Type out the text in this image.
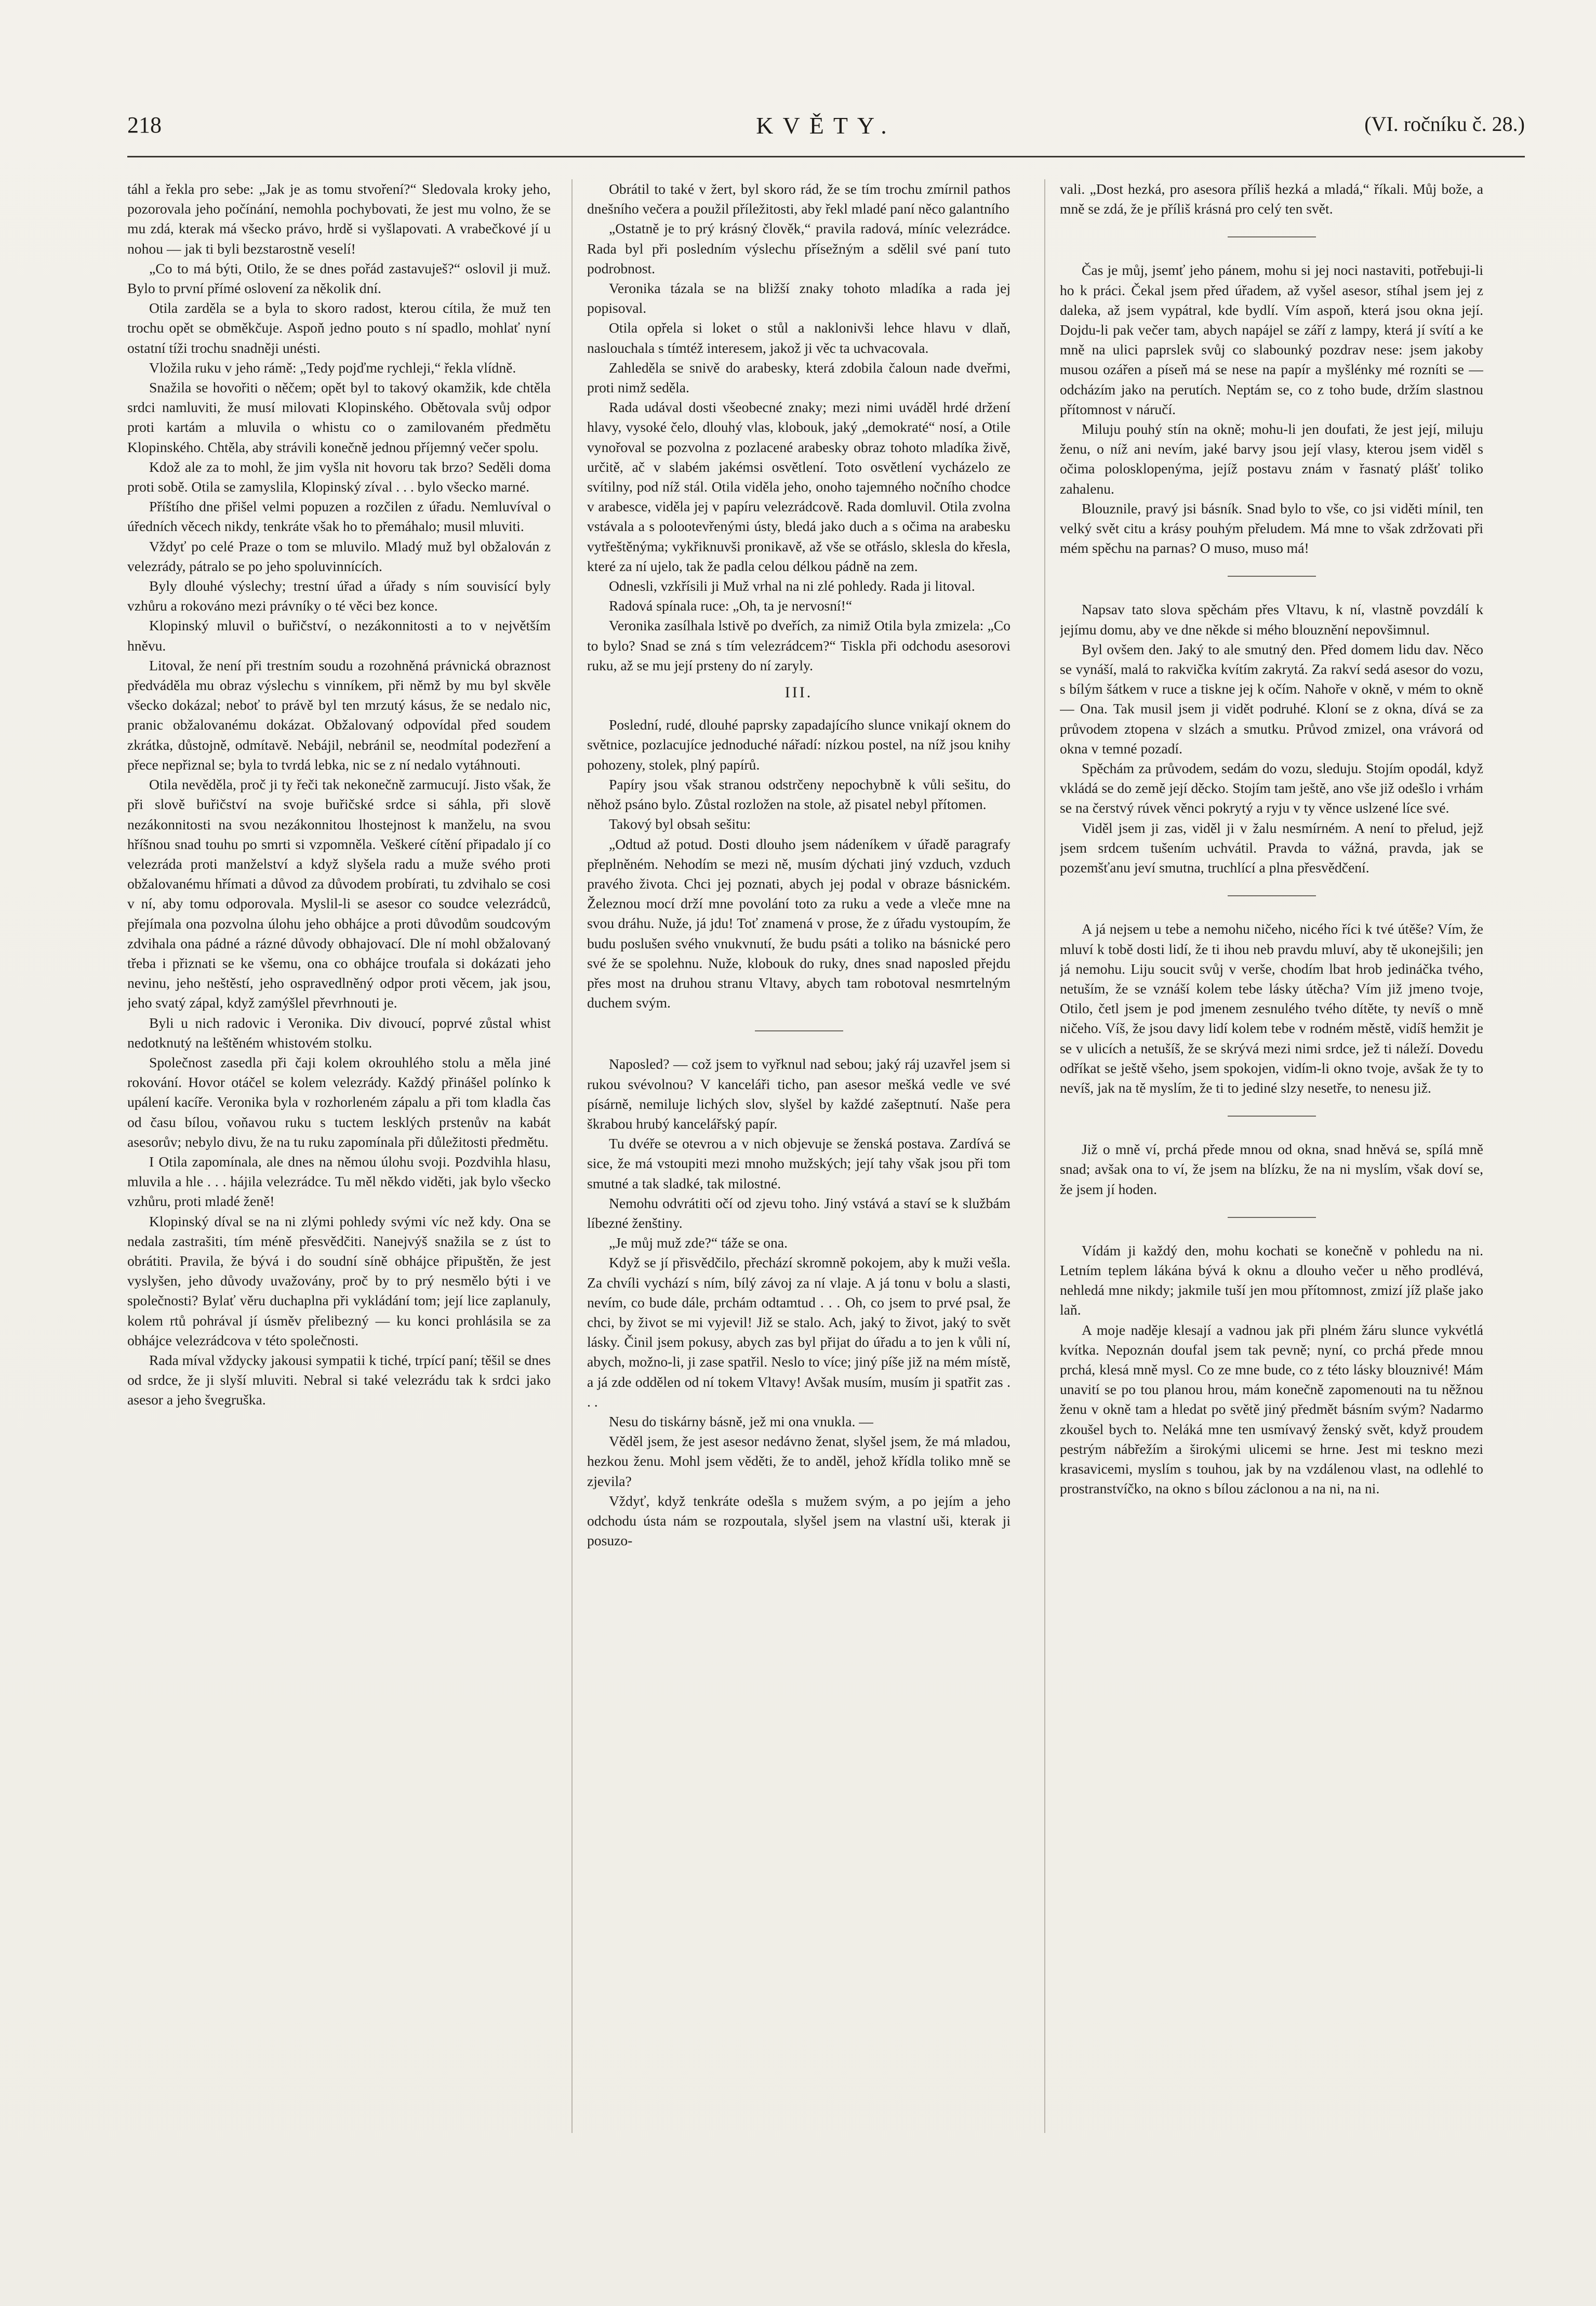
218	KVĚTY.	(VI. ročníku č. 28.)

táhl a řekla pro sebe: „Jak je as tomu stvoření?“ Sledovala kroky jeho, pozorovala jeho počínání, nemohla pochybovati, že jest mu volno, že se mu zdá, kterak má všecko právo, hrdě si vyšlapovati. A vrabečkové jí u nohou — jak ti byli bezstarostně veselí!

„Co to má býti, Otilo, že se dnes pořád zastavuješ?“ oslovil ji muž. Bylo to první přímé oslovení za několik dní.

Otila zarděla se a byla to skoro radost, kterou cítila, že muž ten trochu opět se obměkčuje. Aspoň jedno pouto s ní spadlo, mohlať nyní ostatní tíži trochu snadněji unésti.

Vložila ruku v jeho rámě: „Tedy pojďme rychleji,“ řekla vlídně.

Snažila se hovořiti o něčem; opět byl to takový okamžik, kde chtěla srdci namluviti, že musí milovati Klopinského. Obětovala svůj odpor proti kartám a mluvila o whistu co o zamilovaném předmětu Klopinského. Chtěla, aby strávili konečně jednou příjemný večer spolu.

Kdož ale za to mohl, že jim vyšla nit hovoru tak brzo? Seděli doma proti sobě. Otila se zamyslila, Klopinský zíval . . . bylo všecko marné.

Příštího dne přišel velmi popuzen a rozčilen z úřadu. Nemluvíval o úředních věcech nikdy, tenkráte však ho to přemáhalo; musil mluviti.

Vždyť po celé Praze o tom se mluvilo. Mladý muž byl obžalován z velezrády, pátralo se po jeho spoluvinnících.

Byly dlouhé výslechy; trestní úřad a úřady s ním souvisící byly vzhůru a rokováno mezi právníky o té věci bez konce.

Klopinský mluvil o buřičství, o nezákonnitosti a to v největším hněvu.

Litoval, že není při trestním soudu a rozohněná právnická obraznost předváděla mu obraz výslechu s vinníkem, při němž by mu byl skvěle všecko dokázal; neboť to právě byl ten mrzutý kásus, že se nedalo nic, pranic obžalovanému dokázat. Obžalovaný odpovídal před soudem zkrátka, důstojně, odmítavě. Nebájil, nebránil se, neodmítal podezření a přece nepřiznal se; byla to tvrdá lebka, nic se z ní nedalo vytáhnouti.

Otila nevěděla, proč ji ty řeči tak nekonečně zarmucují. Jisto však, že při slově buřičství na svoje buřičské srdce si sáhla, při slově nezákonnitosti na svou nezákonnitou lhostejnost k manželu, na svou hříšnou snad touhu po smrti si vzpomněla. Veškeré cítění připadalo jí co velezráda proti manželství a když slyšela radu a muže svého proti obžalovanému hřímati a důvod za důvodem probírati, tu zdvihalo se cosi v ní, aby tomu odporovala. Myslil-li se asesor co soudce velezrádců, přejímala ona pozvolna úlohu jeho obhájce a proti důvodům soudcovým zdvihala ona pádné a rázné důvody obhajovací. Dle ní mohl obžalovaný třeba i přiznati se ke všemu, ona co obhájce troufala si dokázati jeho nevinu, jeho neštěstí, jeho ospravedlněný odpor proti věcem, jak jsou, jeho svatý zápal, když zamýšlel převrhnouti je.

Byli u nich radovic i Veronika. Div divoucí, poprvé zůstal whist nedotknutý na leštěném whistovém stolku.

Společnost zasedla při čaji kolem okrouhlého stolu a měla jiné rokování. Hovor otáčel se kolem velezrády. Každý přinášel polínko k upálení kacíře. Veronika byla v rozhorleném zápalu a při tom kladla čas od času bílou, voňavou ruku s tuctem lesklých prstenův na kabát asesorův; nebylo divu, že na tu ruku zapomínala při důležitosti předmětu.

I Otila zapomínala, ale dnes na němou úlohu svoji. Pozdvihla hlasu, mluvila a hle . . . hájila velezrádce. Tu měl někdo viděti, jak bylo všecko vzhůru, proti mladé ženě!

Klopinský díval se na ni zlými pohledy svými víc než kdy. Ona se nedala zastrašiti, tím méně přesvědčiti. Nanejvýš snažila se z úst to obrátiti. Pravila, že bývá i do soudní síně obhájce připuštěn, že jest vyslyšen, jeho důvody uvažovány, proč by to prý nesmělo býti i ve společnosti? Bylať věru duchaplna při vykládání tom; její lice zaplanuly, kolem rtů pohrával jí úsměv přelibezný — ku konci prohlásila se za obhájce velezrádcova v této společnosti.

Rada míval vždycky jakousi sympatii k tiché, trpící paní; těšil se dnes od srdce, že ji slyší mluviti. Nebral si také velezrádu tak k srdci jako asesor a jeho švegruška.

Obrátil to také v žert, byl skoro rád, že se tím trochu zmírnil pathos dnešního večera a použil příležitosti, aby řekl mladé paní něco galantního

„Ostatně je to prý krásný člověk,“ pravila radová, míníc velezrádce. Rada byl při posledním výslechu přísežným a sdělil své paní tuto podrobnost.

Veronika tázala se na bližší znaky tohoto mladíka a rada jej popisoval.

Otila opřela si loket o stůl a naklonivši lehce hlavu v dlaň, naslouchala s tímtéž interesem, jakož ji věc ta uchvacovala.

Zahleděla se snivě do arabesky, která zdobila čaloun nade dveřmi, proti nimž seděla.

Rada udával dosti všeobecné znaky; mezi nimi uváděl hrdé držení hlavy, vysoké čelo, dlouhý vlas, klobouk, jaký „demokraté“ nosí, a Otile vynořoval se pozvolna z pozlacené arabesky obraz tohoto mladíka živě, určitě, ač v slabém jakémsi osvětlení. Toto osvětlení vycházelo ze svítilny, pod níž stál. Otila viděla jeho, onoho tajemného nočního chodce v arabesce, viděla jej v papíru velezrádcově. Rada domluvil. Otila zvolna vstávala a s polootevřenými ústy, bledá jako duch a s očima na arabesku vytřeštěnýma; vykřiknuvši pronikavě, až vše se otřáslo, sklesla do křesla, které za ní ujelo, tak že padla celou délkou pádně na zem.

Odnesli, vzkřísili ji Muž vrhal na ni zlé pohledy. Rada ji litoval.

Radová spínala ruce: „Oh, ta je nervosní!“

Veronika zasílhala lstivě po dveřích, za nimiž Otila byla zmizela: „Co to bylo? Snad se zná s tím velezrádcem?“ Tiskla při odchodu asesorovi ruku, až se mu její prsteny do ní zaryly.

III.

Poslední, rudé, dlouhé paprsky zapadajícího slunce vnikají oknem do světnice, pozlacujíce jednoduché nářadí: nízkou postel, na níž jsou knihy pohozeny, stolek, plný papírů.

Papíry jsou však stranou odstrčeny nepochybně k vůli sešitu, do něhož psáno bylo. Zůstal rozložen na stole, až pisatel nebyl přítomen.

Takový byl obsah sešitu:

„Odtud až potud. Dosti dlouho jsem nádeníkem v úřadě paragrafy přeplněném. Nehodím se mezi ně, musím dýchati jiný vzduch, vzduch pravého života. Chci jej poznati, abych jej podal v obraze básnickém. Železnou mocí drží mne povolání toto za ruku a vede a vleče mne na svou dráhu. Nuže, já jdu! Toť znamená v prose, že z úřadu vystoupím, že budu poslušen svého vnukvnutí, že budu psáti a toliko na básnické pero své že se spolehnu. Nuže, klobouk do ruky, dnes snad naposled přejdu přes most na druhou stranu Vltavy, abych tam robotoval nesmrtelným duchem svým.

Naposled? — což jsem to vyřknul nad sebou; jaký ráj uzavřel jsem si rukou svévolnou? V kanceláři ticho, pan asesor mešká vedle ve své písárně, nemiluje lichých slov, slyšel by každé zašeptnutí. Naše pera škrabou hrubý kancelářský papír.

Tu dvéře se otevrou a v nich objevuje se ženská postava. Zardívá se sice, že má vstoupiti mezi mnoho mužských; její tahy však jsou při tom smutné a tak sladké, tak milostné.

Nemohu odvrátiti očí od zjevu toho. Jiný vstává a staví se k službám líbezné ženštiny.

„Je můj muž zde?“ táže se ona.

Když se jí přisvědčilo, přechází skromně pokojem, aby k muži vešla. Za chvíli vychází s ním, bílý závoj za ní vlaje. A já tonu v bolu a slasti, nevím, co bude dále, prchám odtamtud . . . Oh, co jsem to prvé psal, že chci, by život se mi vyjevil! Již se stalo. Ach, jaký to život, jaký to svět lásky. Činil jsem pokusy, abych zas byl přijat do úřadu a to jen k vůli ní, abych, možno-li, ji zase spatřil. Neslo to více; jiný píše již na mém místě, a já zde oddělen od ní tokem Vltavy! Avšak musím, musím ji spatřit zas . . .

Nesu do tiskárny básně, jež mi ona vnukla. —

Věděl jsem, že jest asesor nedávno ženat, slyšel jsem, že má mladou, hezkou ženu. Mohl jsem věděti, že to anděl, jehož křídla toliko mně se zjevila?

Vždyť, když tenkráte odešla s mužem svým, a po jejím a jeho odchodu ústa nám se rozpoutala, slyšel jsem na vlastní uši, kterak ji posuzo-

vali. „Dost hezká, pro asesora příliš hezká a mladá,“ říkali. Můj bože, a mně se zdá, že je příliš krásná pro celý ten svět.

Čas je můj, jsemť jeho pánem, mohu si jej noci nastaviti, potřebuji-li ho k práci. Čekal jsem před úřadem, až vyšel asesor, stíhal jsem jej z daleka, až jsem vypátral, kde bydlí. Vím aspoň, která jsou okna její. Dojdu-li pak večer tam, abych napájel se září z lampy, která jí svítí a ke mně na ulici paprslek svůj co slabounký pozdrav nese: jsem jakoby musou ozářen a píseň má se nese na papír a myšlénky mé rozníti se — odcházím jako na perutích. Neptám se, co z toho bude, držím slastnou přítomnost v náručí.

Miluju pouhý stín na okně; mohu-li jen doufati, že jest její, miluju ženu, o níž ani nevím, jaké barvy jsou její vlasy, kterou jsem viděl s očima polosklopenýma, jejíž postavu znám v řasnatý plášť toliko zahalenu.

Blouznile, pravý jsi básník. Snad bylo to vše, co jsi viděti mínil, ten velký svět citu a krásy pouhým přeludem. Má mne to však zdržovati při mém spěchu na parnas? O muso, muso má!

Napsav tato slova spěchám přes Vltavu, k ní, vlastně povzdálí k jejímu domu, aby ve dne někde si mého blouznění nepovšimnul.

Byl ovšem den. Jaký to ale smutný den. Před domem lidu dav. Něco se vynáší, malá to rakvička kvítím zakrytá. Za rakví sedá asesor do vozu, s bílým šátkem v ruce a tiskne jej k očím. Nahoře v okně, v mém to okně — Ona. Tak musil jsem ji vidět podruhé. Kloní se z okna, dívá se za průvodem ztopena v slzách a smutku. Průvod zmizel, ona vrávorá od okna v temné pozadí.

Spěchám za průvodem, sedám do vozu, sleduju. Stojím opodál, když vkládá se do země její děcko. Stojím tam ještě, ano vše již odešlo i vrhám se na čerstvý rúvek věnci pokrytý a ryju v ty věnce uslzené líce své.

Viděl jsem ji zas, viděl ji v žalu nesmírném. A není to přelud, jejž jsem srdcem tušením uchvátil. Pravda to vážná, pravda, jak se pozemšťanu jeví smutna, truchlící a plna přesvědčení.

A já nejsem u tebe a nemohu ničeho, nicého říci k tvé útěše? Vím, že mluví k tobě dosti lidí, že ti ihou neb pravdu mluví, aby tě ukonejšili; jen já nemohu. Liju soucit svůj v verše, chodím lbat hrob jedináčka tvého, netuším, že se vznáší kolem tebe lásky útěcha? Vím již jmeno tvoje, Otilo, četl jsem je pod jmenem zesnulého tvého dítěte, ty nevíš o mně ničeho. Víš, že jsou davy lidí kolem tebe v rodném městě, vidíš hemžit je se v ulicích a netušíš, že se skrývá mezi nimi srdce, jež ti náleží. Dovedu odříkat se ještě všeho, jsem spokojen, vidím-li okno tvoje, avšak že ty to nevíš, jak na tě myslím, že ti to jediné slzy nesetře, to nenesu již.

Již o mně ví, prchá přede mnou od okna, snad hněvá se, spílá mně snad; avšak ona to ví, že jsem na blízku, že na ni myslím, však doví se, že jsem jí hoden.

Vídám ji každý den, mohu kochati se konečně v pohledu na ni. Letním teplem lákána bývá k oknu a dlouho večer u něho prodlévá, nehledá mne nikdy; jakmile tuší jen mou přítomnost, zmizí jíž plaše jako laň.

A moje naděje klesají a vadnou jak při plném žáru slunce vykvétlá kvítka. Nepoznán doufal jsem tak pevně; nyní, co prchá přede mnou prchá, klesá mně mysl. Co ze mne bude, co z této lásky blouznivé! Mám unavití se po tou planou hrou, mám konečně zapomenouti na tu něžnou ženu v okně tam a hledat po světě jiný předmět básním svým? Nadarmo zkoušel bych to. Neláká mne ten usmívavý ženský svět, když proudem pestrým nábřežím a širokými ulicemi se hrne. Jest mi teskno mezi krasavicemi, myslím s touhou, jak by na vzdálenou vlast, na odlehlé to prostranstvíčko, na okno s bílou záclonou a na ni, na ni.
